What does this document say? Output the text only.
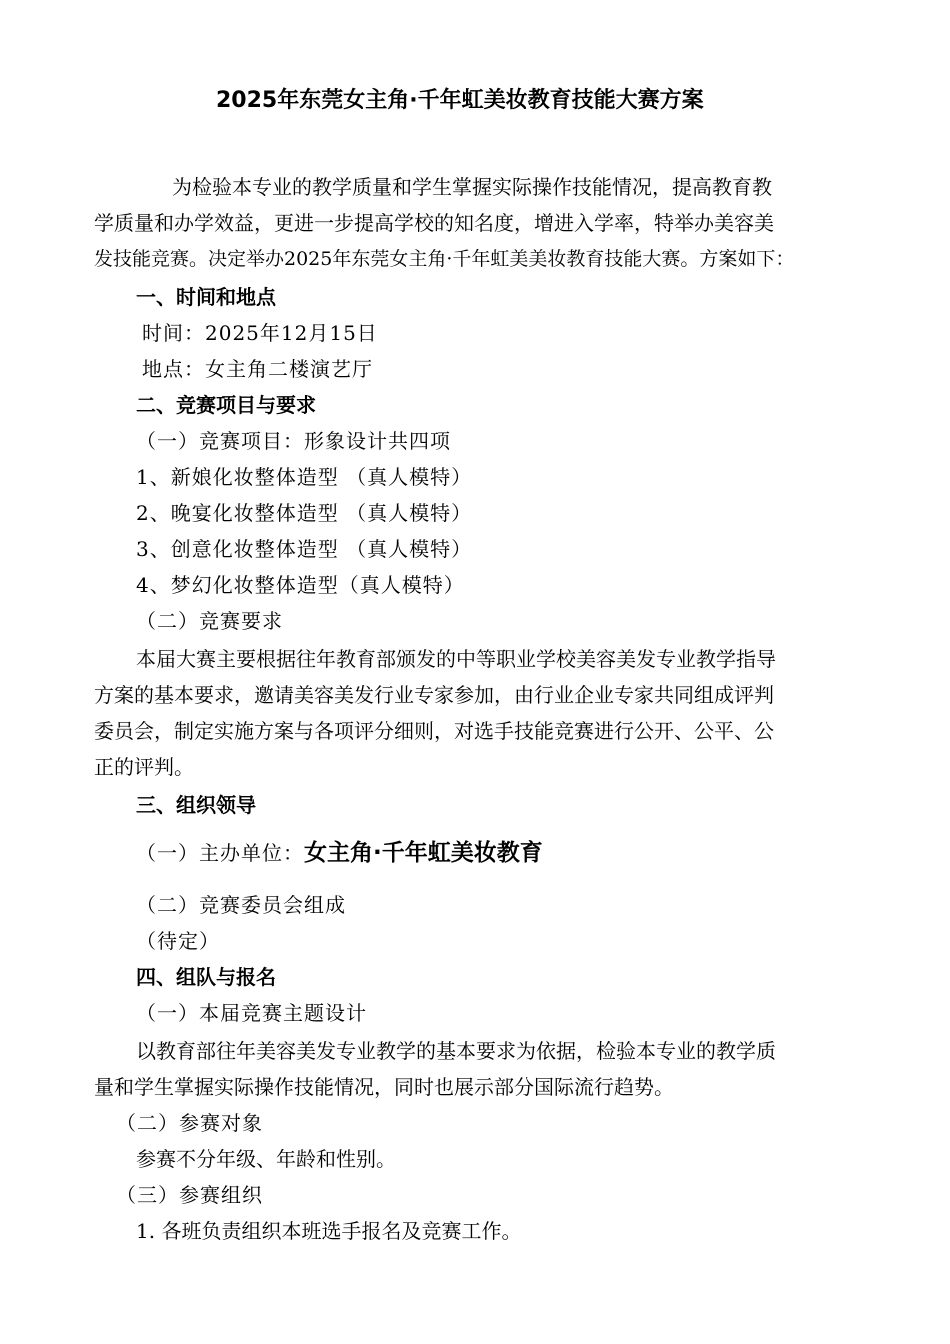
2025年东莞女主角·千年虹美妆教育技能大赛方案
为检验本专业的教学质量和学生掌握实际操作技能情况，提高教育教
学质量和办学效益，更进一步提高学校的知名度，增进入学率，特举办美容美
发技能竞赛。决定举办2025年东莞女主角·千年虹美美妆教育技能大赛。方案如下：
一、时间和地点
时间：2025年12月15日
地点：女主角二楼演艺厅
二、竞赛项目与要求
（一）竞赛项目：形象设计共四项
1、新娘化妆整体造型 （真人模特）
2、晚宴化妆整体造型 （真人模特）
3、创意化妆整体造型 （真人模特）
4、梦幻化妆整体造型（真人模特）
（二）竞赛要求
本届大赛主要根据往年教育部颁发的中等职业学校美容美发专业教学指导
方案的基本要求，邀请美容美发行业专家参加，由行业企业专家共同组成评判
委员会，制定实施方案与各项评分细则，对选手技能竞赛进行公开、公平、公
正的评判。
三、组织领导
（一）主办单位：女主角·千年虹美妆教育
（二）竞赛委员会组成
（待定）
四、组队与报名
（一）本届竞赛主题设计
以教育部往年美容美发专业教学的基本要求为依据，检验本专业的教学质
量和学生掌握实际操作技能情况，同时也展示部分国际流行趋势。
（二）参赛对象
参赛不分年级、年龄和性别。
（三）参赛组织
1. 各班负责组织本班选手报名及竞赛工作。
